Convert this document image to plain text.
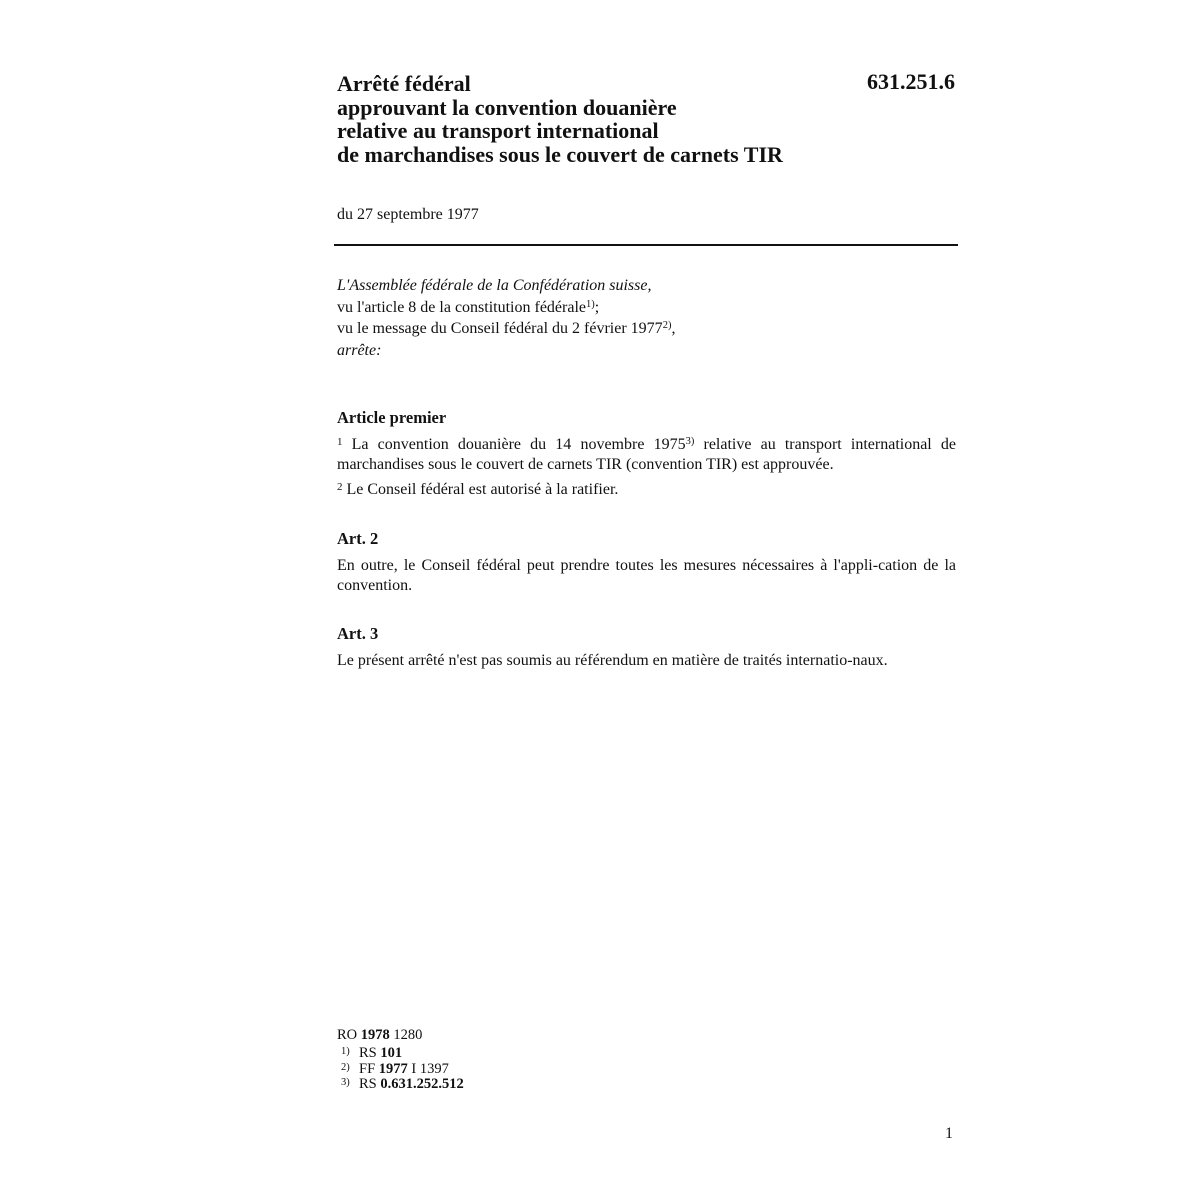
Arrêté fédéral
approuvant la convention douanière
relative au transport international
de marchandises sous le couvert de carnets TIR
631.251.6
du 27 septembre 1977
L'Assemblée fédérale de la Confédération suisse,
vu l'article 8 de la constitution fédérale$^{1)}$;
vu le message du Conseil fédéral du 2 février 1977$^{2)}$,
arrête:
Article premier
$^1$ La convention douanière du 14 novembre 1975$^{3)}$ relative au transport international de marchandises sous le couvert de carnets TIR (convention TIR) est approuvée.
$^2$ Le Conseil fédéral est autorisé à la ratifier.
Art. 2
En outre, le Conseil fédéral peut prendre toutes les mesures nécessaires à l'appli-cation de la convention.
Art. 3
Le présent arrêté n'est pas soumis au référendum en matière de traités internatio-naux.
RO 1978 1280
1) RS 101
2) FF 1977 I 1397
3) RS 0.631.252.512
1
